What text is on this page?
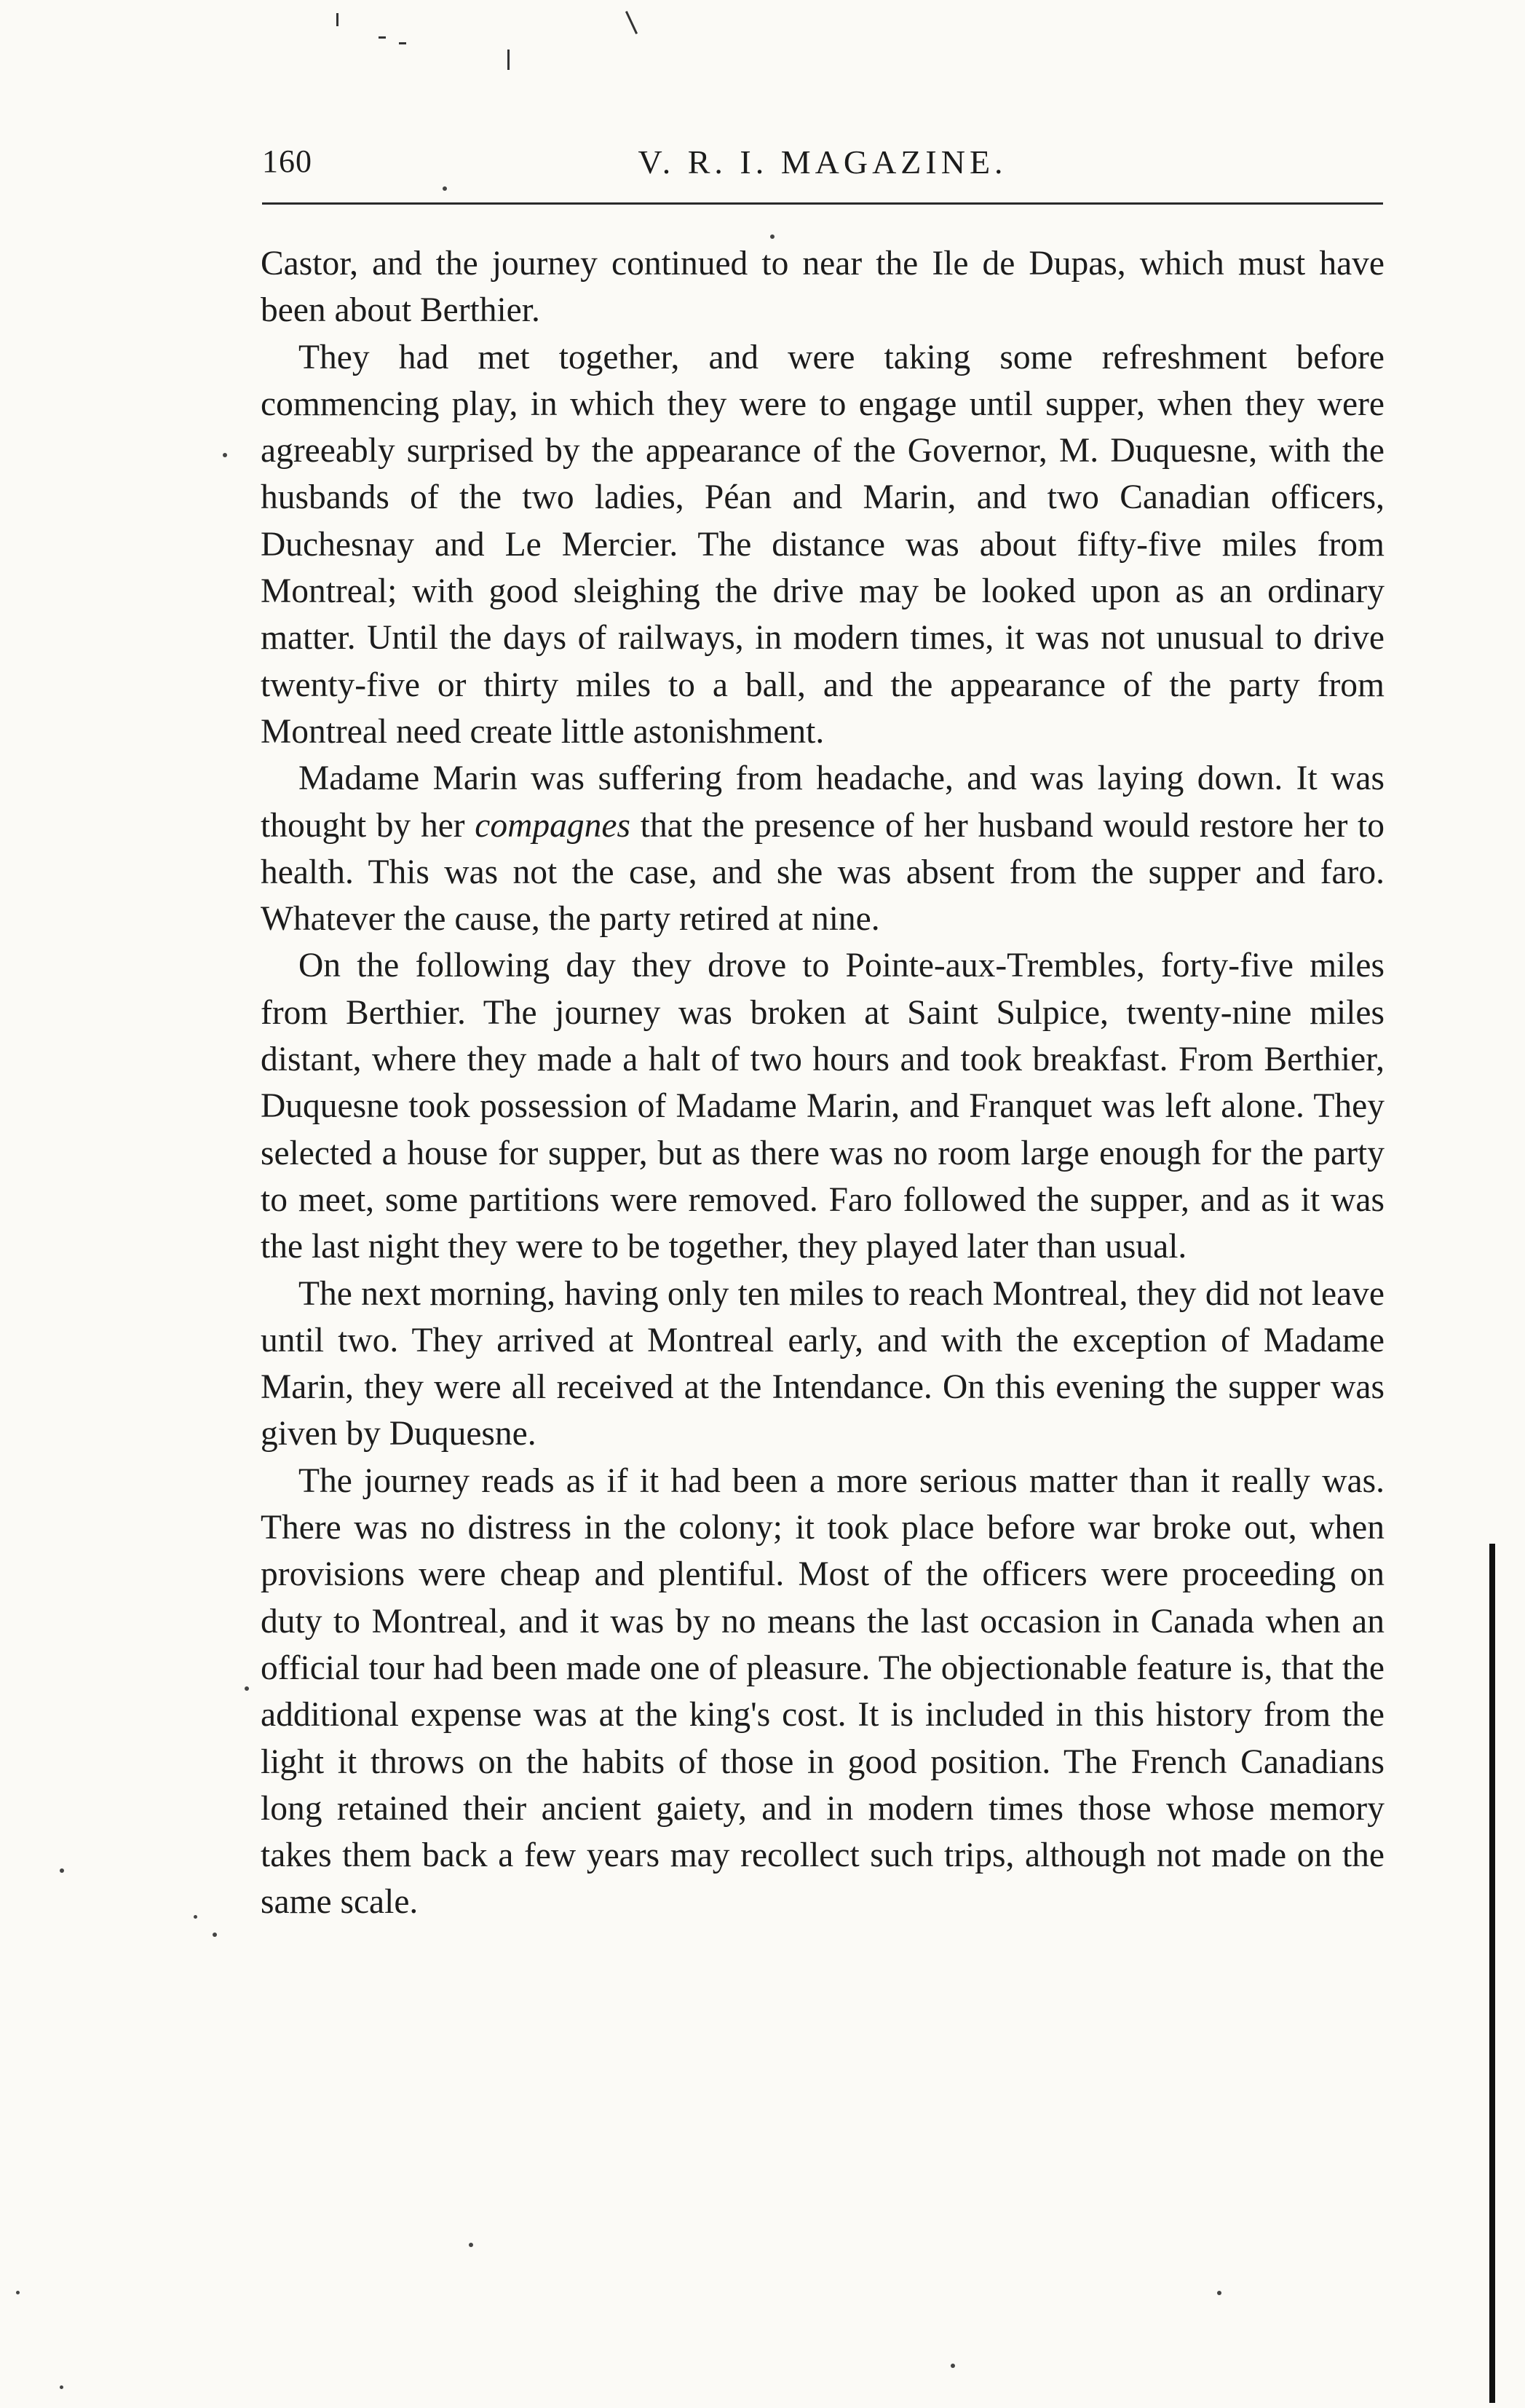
160	V. R. I. MAGAZINE.

Castor, and the journey continued to near the Ile de Dupas, which must have been about Berthier.

They had met together, and were taking some refreshment before commencing play, in which they were to engage until supper, when they were agreeably surprised by the appearance of the Governor, M. Duquesne, with the husbands of the two ladies, Péan and Marin, and two Canadian officers, Duchesnay and Le Mercier. The distance was about fifty-five miles from Montreal; with good sleighing the drive may be looked upon as an ordinary matter. Until the days of railways, in modern times, it was not unusual to drive twenty-five or thirty miles to a ball, and the appearance of the party from Montreal need create little astonishment.

Madame Marin was suffering from headache, and was laying down. It was thought by her compagnes that the presence of her husband would restore her to health. This was not the case, and she was absent from the supper and faro. Whatever the cause, the party retired at nine.

On the following day they drove to Pointe-aux-Trembles, forty-five miles from Berthier. The journey was broken at Saint Sulpice, twenty-nine miles distant, where they made a halt of two hours and took breakfast. From Berthier, Duquesne took possession of Madame Marin, and Franquet was left alone. They selected a house for supper, but as there was no room large enough for the party to meet, some partitions were removed. Faro followed the supper, and as it was the last night they were to be together, they played later than usual.

The next morning, having only ten miles to reach Montreal, they did not leave until two. They arrived at Montreal early, and with the exception of Madame Marin, they were all received at the Intendance. On this evening the supper was given by Duquesne.

The journey reads as if it had been a more serious matter than it really was. There was no distress in the colony; it took place before war broke out, when provisions were cheap and plentiful. Most of the officers were proceeding on duty to Montreal, and it was by no means the last occasion in Canada when an official tour had been made one of pleasure. The objectionable feature is, that the additional expense was at the king's cost. It is included in this history from the light it throws on the habits of those in good position. The French Canadians long retained their ancient gaiety, and in modern times those whose memory takes them back a few years may recollect such trips, although not made on the same scale.
